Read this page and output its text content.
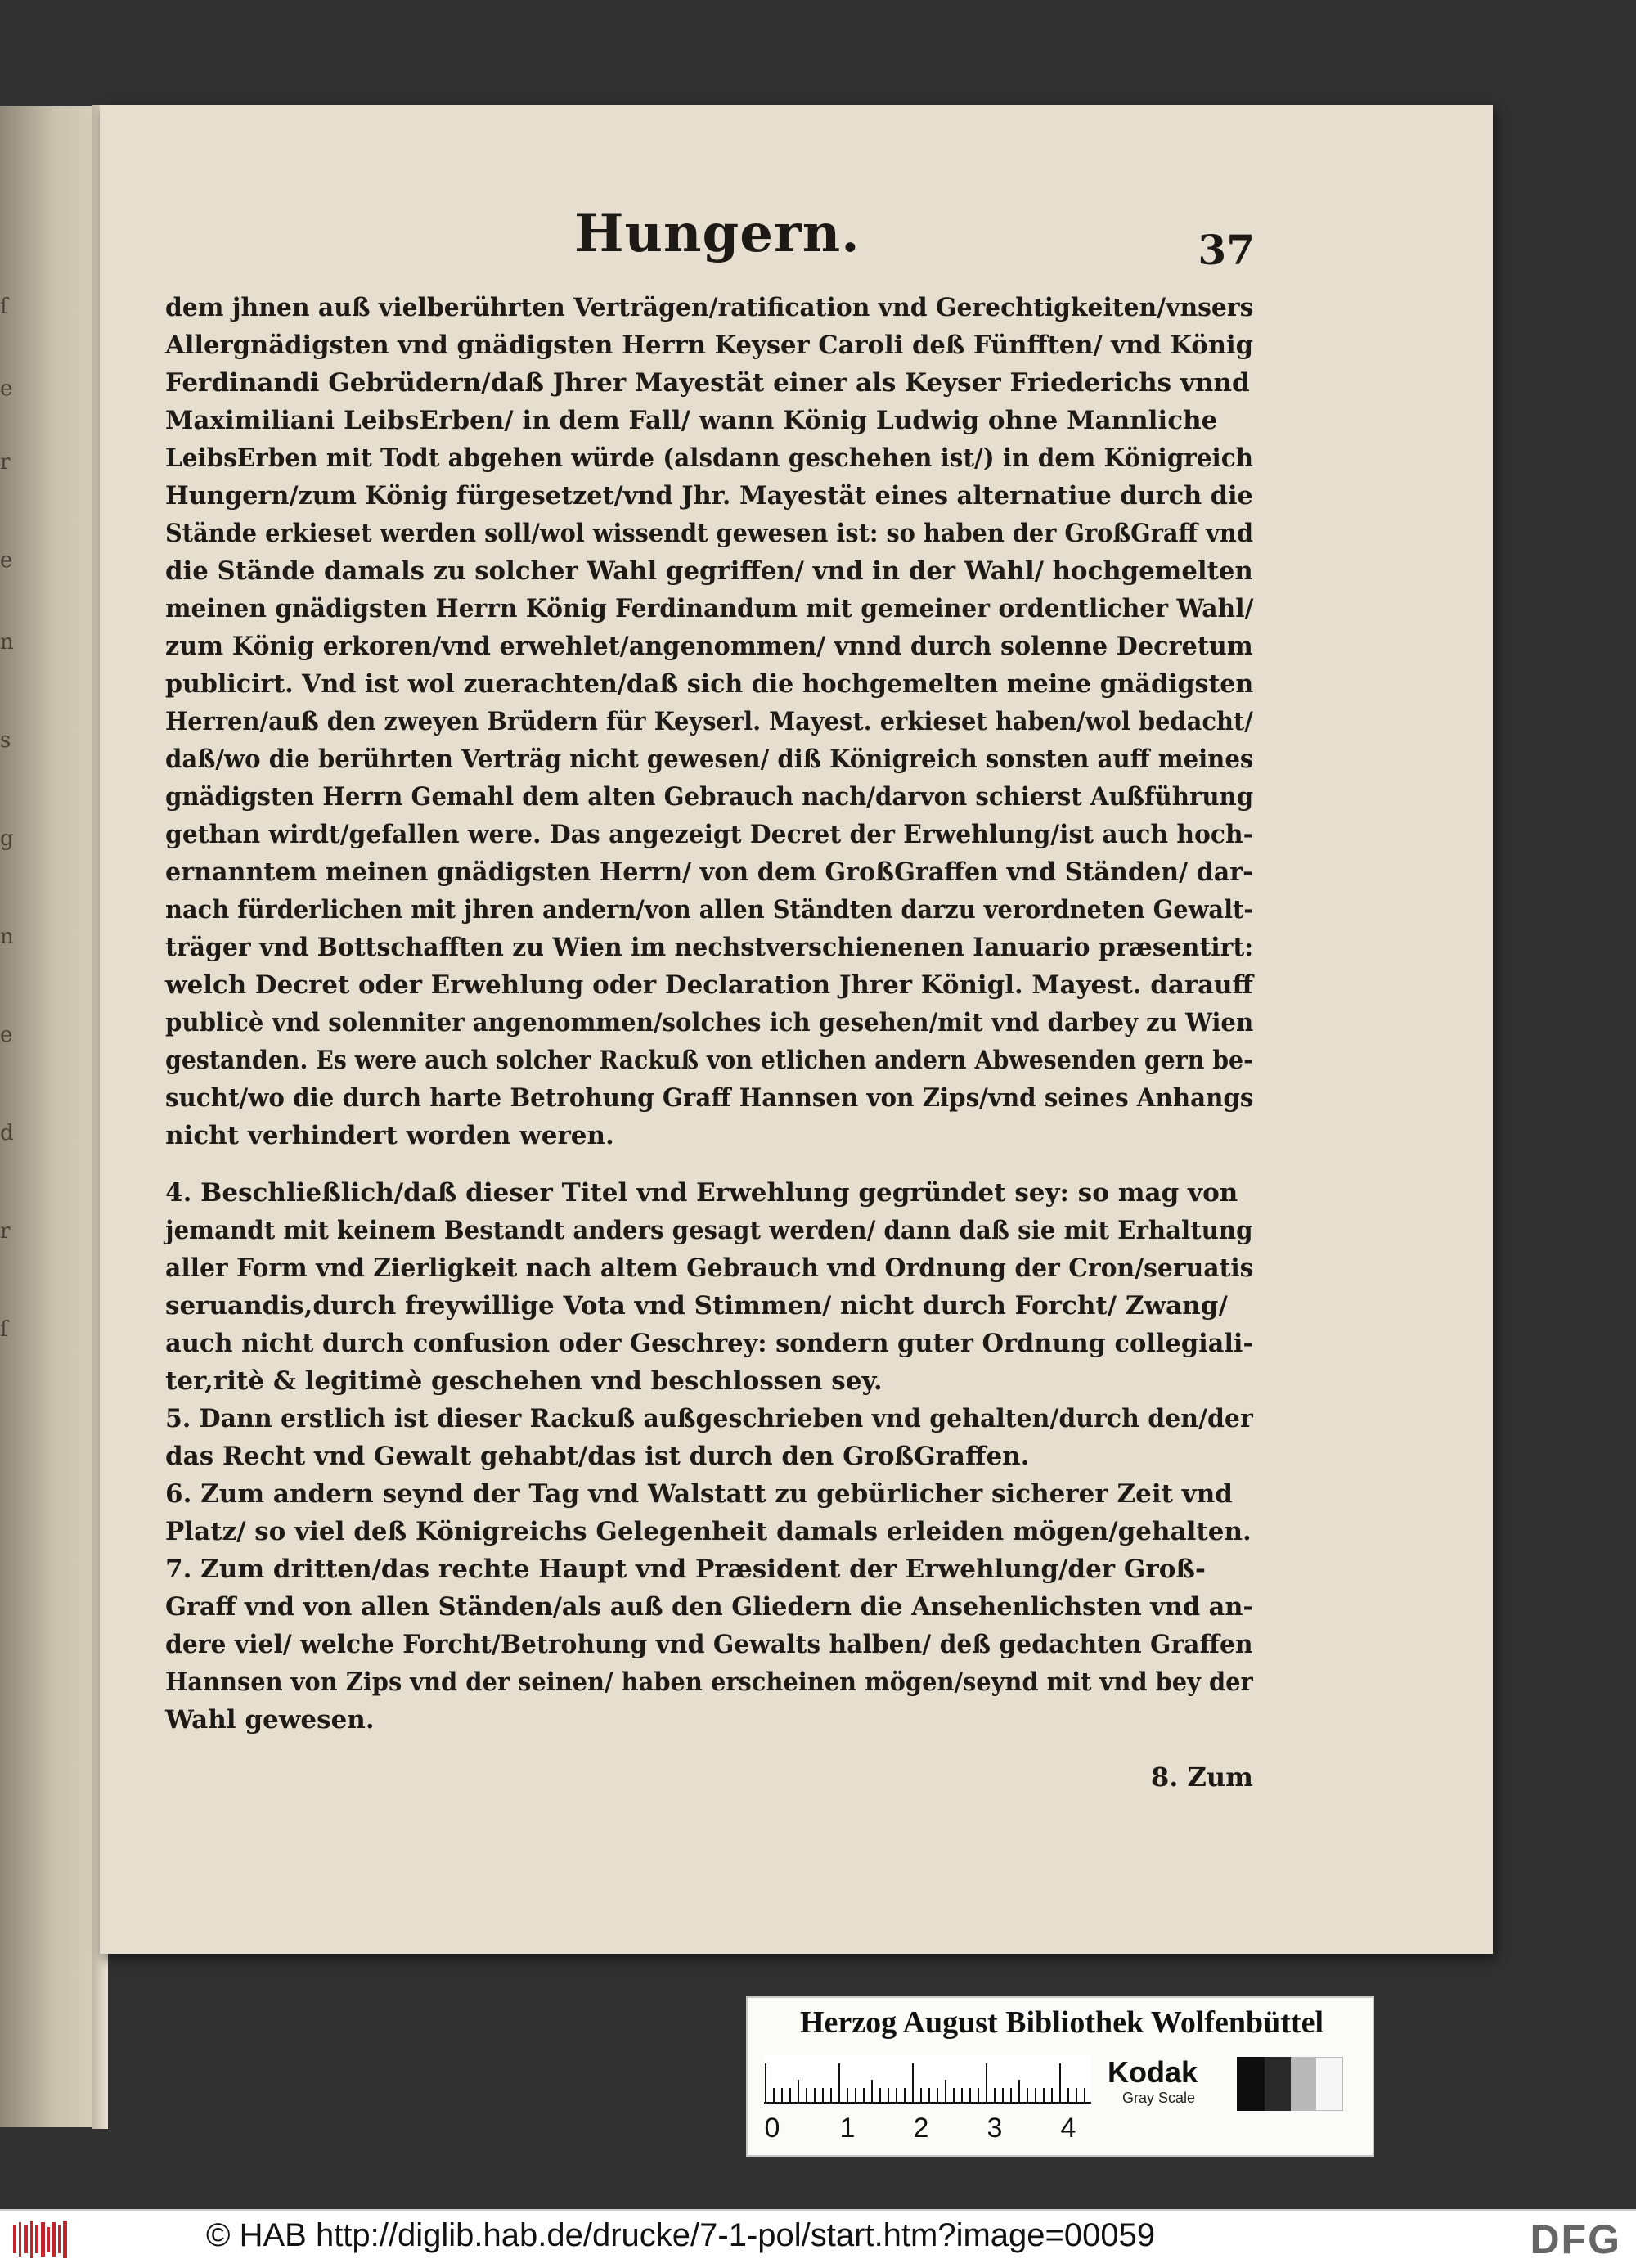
ſ
e
r
e
n
s
g
n
e
d
r
ſ
Hungern.	37
dem jhnen auß vielberührten Verträgen/ratification vnd Gerechtigkeiten/vnsers
Allergnädigsten vnd gnädigsten Herrn Keyser Caroli deß Fünfften/ vnd König
Ferdinandi Gebrüdern/daß Jhrer Mayestät einer als Keyser Friederichs vnnd
Maximiliani LeibsErben/ in dem Fall/ wann König Ludwig ohne Mannliche
LeibsErben mit Todt abgehen würde (alsdann geschehen ist/) in dem Königreich
Hungern/zum König fürgesetzet/vnd Jhr. Mayestät eines alternatiue durch die
Stände erkieset werden soll/wol wissendt gewesen ist: so haben der GroßGraff vnd
die Stände damals zu solcher Wahl gegriffen/ vnd in der Wahl/ hochgemelten
meinen gnädigsten Herrn König Ferdinandum mit gemeiner ordentlicher Wahl/
zum König erkoren/vnd erwehlet/angenommen/ vnnd durch solenne Decretum
publicirt. Vnd ist wol zuerachten/daß sich die hochgemelten meine gnädigsten
Herren/auß den zweyen Brüdern für Keyserl. Mayest. erkieset haben/wol bedacht/
daß/wo die berührten Verträg nicht gewesen/ diß Königreich sonsten auff meines
gnädigsten Herrn Gemahl dem alten Gebrauch nach/darvon schierst Außführung
gethan wirdt/gefallen were. Das angezeigt Decret der Erwehlung/ist auch hoch-
ernanntem meinen gnädigsten Herrn/ von dem GroßGraffen vnd Ständen/ dar-
nach fürderlichen mit jhren andern/von allen Ständten darzu verordneten Gewalt-
träger vnd Bottschafften zu Wien im nechstverschienenen Ianuario præsentirt:
welch Decret oder Erwehlung oder Declaration Jhrer Königl. Mayest. darauff
publicè vnd solenniter angenommen/solches ich gesehen/mit vnd darbey zu Wien
gestanden. Es were auch solcher Rackuß von etlichen andern Abwesenden gern be-
sucht/wo die durch harte Betrohung Graff Hannsen von Zips/vnd seines Anhangs
nicht verhindert worden weren.
4. Beschließlich/daß dieser Titel vnd Erwehlung gegründet sey: so mag von
jemandt mit keinem Bestandt anders gesagt werden/ dann daß sie mit Erhaltung
aller Form vnd Zierligkeit nach altem Gebrauch vnd Ordnung der Cron/seruatis
seruandis,durch freywillige Vota vnd Stimmen/ nicht durch Forcht/ Zwang/
auch nicht durch confusion oder Geschrey: sondern guter Ordnung collegiali-
ter,ritè & legitimè geschehen vnd beschlossen sey.
5. Dann erstlich ist dieser Rackuß außgeschrieben vnd gehalten/durch den/der
das Recht vnd Gewalt gehabt/das ist durch den GroßGraffen.
6. Zum andern seynd der Tag vnd Walstatt zu gebürlicher sicherer Zeit vnd
Platz/ so viel deß Königreichs Gelegenheit damals erleiden mögen/gehalten.
7. Zum dritten/das rechte Haupt vnd Præsident der Erwehlung/der Groß-
Graff vnd von allen Ständen/als auß den Gliedern die Ansehenlichsten vnd an-
dere viel/ welche Forcht/Betrohung vnd Gewalts halben/ deß gedachten Graffen
Hannsen von Zips vnd der seinen/ haben erscheinen mögen/seynd mit vnd bey der
Wahl gewesen.
8. Zum
Herzog August Bibliothek Wolfenbüttel
0	1	2	3	4
Kodak
Gray Scale
© HAB http://diglib.hab.de/drucke/7-1-pol/start.htm?image=00059	DFG
